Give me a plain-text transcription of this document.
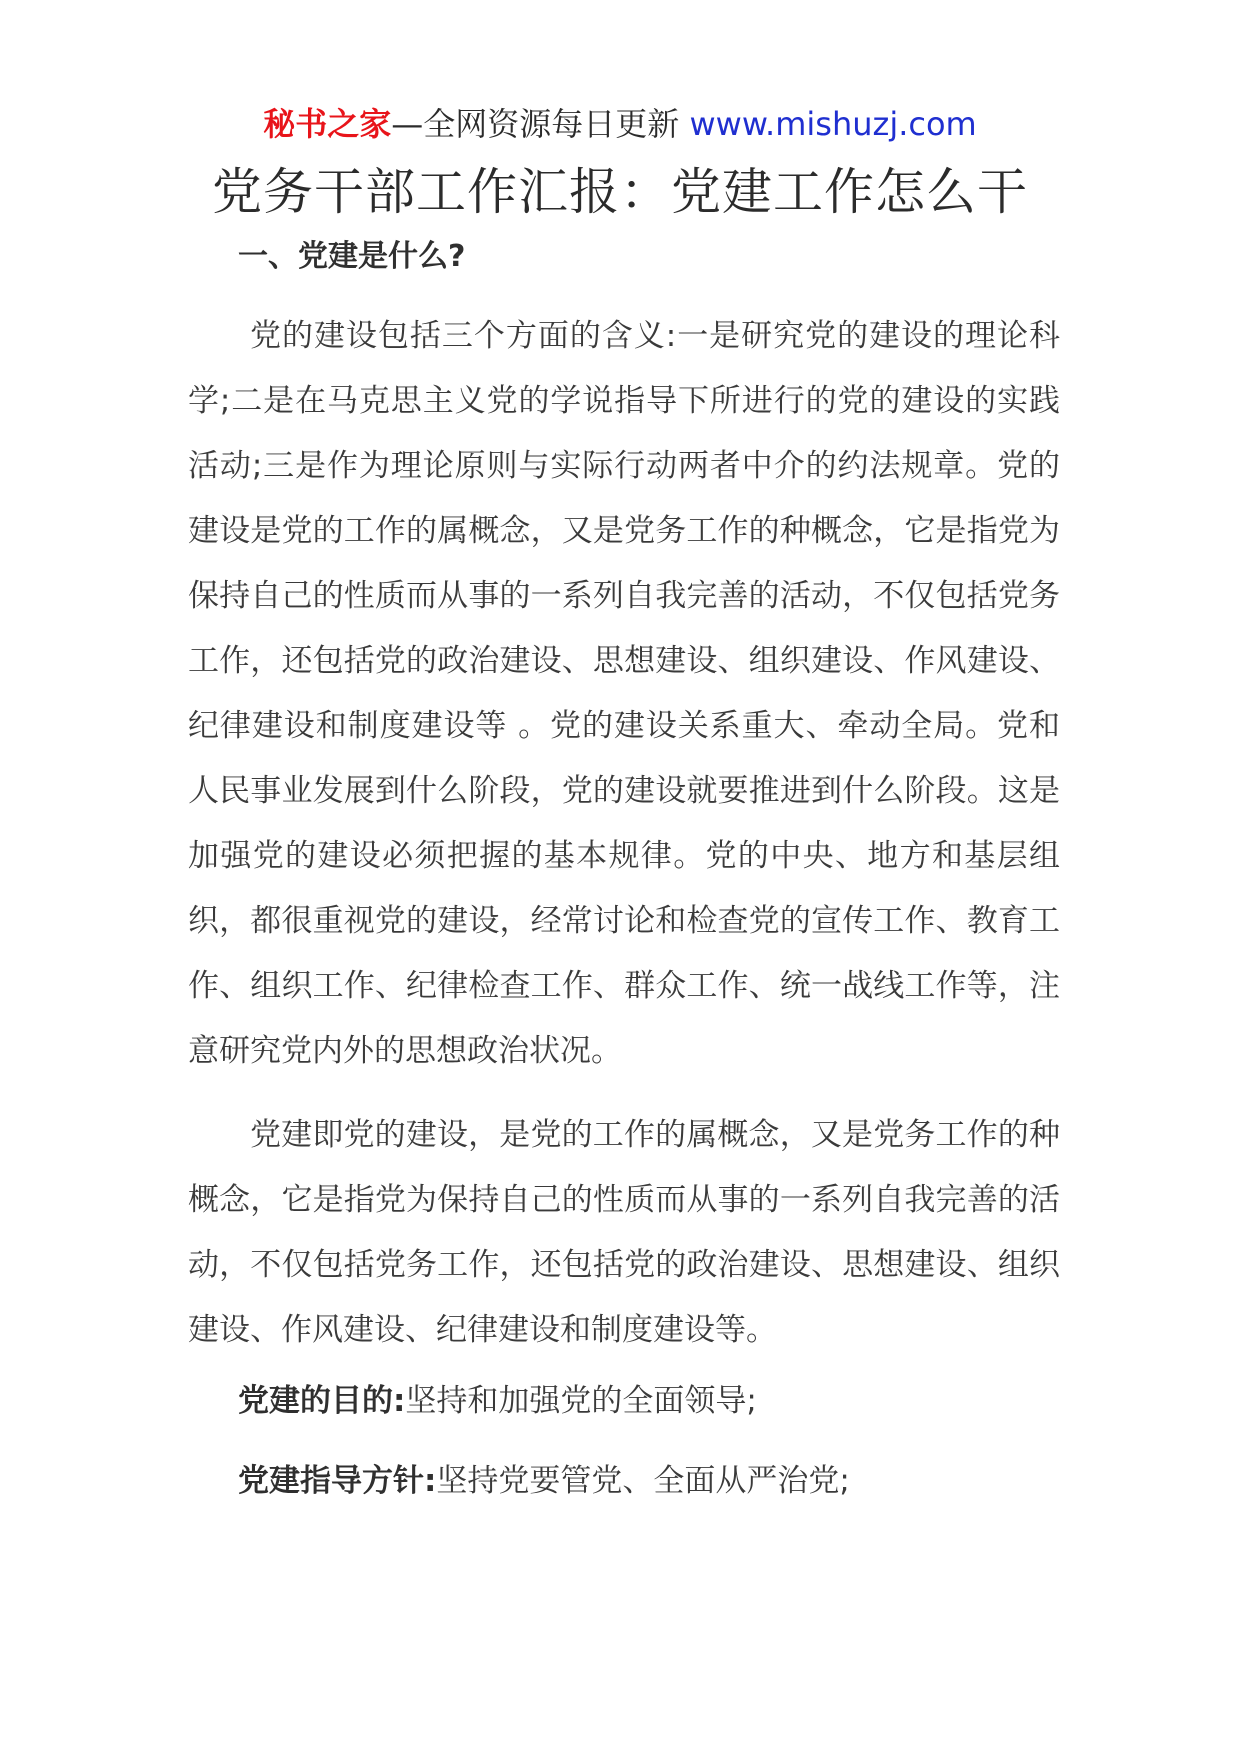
秘书之家—全网资源每日更新 www.mishuzj.com
党务干部工作汇报：党建工作怎么干
一、党建是什么?

党的建设包括三个方面的含义:一是研究党的建设的理论科学;二是在马克思主义党的学说指导下所进行的党的建设的实践活动;三是作为理论原则与实际行动两者中介的约法规章。党的建设是党的工作的属概念，又是党务工作的种概念，它是指党为保持自己的性质而从事的一系列自我完善的活动，不仅包括党务工作，还包括党的政治建设、思想建设、组织建设、作风建设、纪律建设和制度建设等 。党的建设关系重大、牵动全局。党和人民事业发展到什么阶段，党的建设就要推进到什么阶段。这是加强党的建设必须把握的基本规律。党的中央、地方和基层组织，都很重视党的建设，经常讨论和检查党的宣传工作、教育工作、组织工作、纪律检查工作、群众工作、统一战线工作等，注意研究党内外的思想政治状况。

党建即党的建设，是党的工作的属概念，又是党务工作的种概念，它是指党为保持自己的性质而从事的一系列自我完善的活动，不仅包括党务工作，还包括党的政治建设、思想建设、组织建设、作风建设、纪律建设和制度建设等。

党建的目的:坚持和加强党的全面领导;
党建指导方针:坚持党要管党、全面从严治党;
